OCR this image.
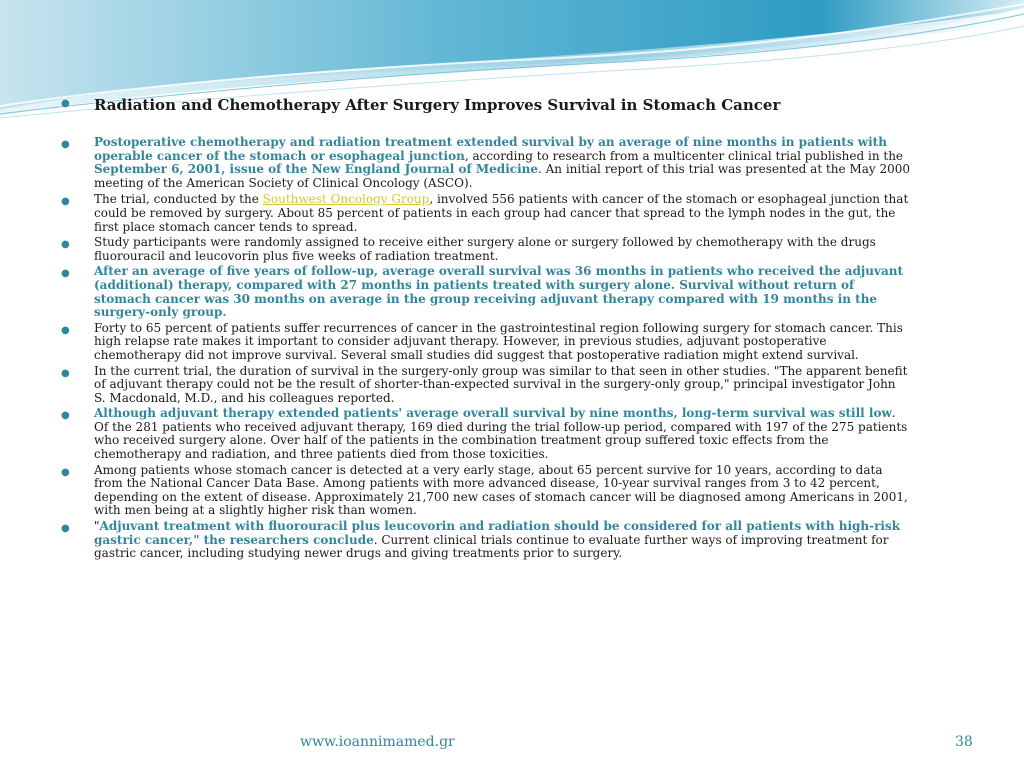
● Radiation and Chemotherapy After Surgery Improves Survival in Stomach Cancer
● Postoperative chemotherapy and radiation treatment extended survival by an average of nine months in patients with operable cancer of the stomach or esophageal junction, according to research from a multicenter clinical trial published in the September 6, 2001, issue of the New England Journal of Medicine. An initial report of this trial was presented at the May 2000 meeting of the American Society of Clinical Oncology (ASCO).
● The trial, conducted by the Southwest Oncology Group, involved 556 patients with cancer of the stomach or esophageal junction that could be removed by surgery. About 85 percent of patients in each group had cancer that spread to the lymph nodes in the gut, the first place stomach cancer tends to spread.
● Study participants were randomly assigned to receive either surgery alone or surgery followed by chemotherapy with the drugs fluorouracil and leucovorin plus five weeks of radiation treatment.
● After an average of five years of follow-up, average overall survival was 36 months in patients who received the adjuvant (additional) therapy, compared with 27 months in patients treated with surgery alone. Survival without return of stomach cancer was 30 months on average in the group receiving adjuvant therapy compared with 19 months in the surgery-only group.
● Forty to 65 percent of patients suffer recurrences of cancer in the gastrointestinal region following surgery for stomach cancer. This high relapse rate makes it important to consider adjuvant therapy. However, in previous studies, adjuvant postoperative chemotherapy did not improve survival. Several small studies did suggest that postoperative radiation might extend survival.
● In the current trial, the duration of survival in the surgery-only group was similar to that seen in other studies. "The apparent benefit of adjuvant therapy could not be the result of shorter-than-expected survival in the surgery-only group," principal investigator John S. Macdonald, M.D., and his colleagues reported.
● Although adjuvant therapy extended patients' average overall survival by nine months, long-term survival was still low. Of the 281 patients who received adjuvant therapy, 169 died during the trial follow-up period, compared with 197 of the 275 patients who received surgery alone. Over half of the patients in the combination treatment group suffered toxic effects from the chemotherapy and radiation, and three patients died from those toxicities.
● Among patients whose stomach cancer is detected at a very early stage, about 65 percent survive for 10 years, according to data from the National Cancer Data Base. Among patients with more advanced disease, 10-year survival ranges from 3 to 42 percent, depending on the extent of disease. Approximately 21,700 new cases of stomach cancer will be diagnosed among Americans in 2001, with men being at a slightly higher risk than women.
● "Adjuvant treatment with fluorouracil plus leucovorin and radiation should be considered for all patients with high-risk gastric cancer," the researchers conclude. Current clinical trials continue to evaluate further ways of improving treatment for gastric cancer, including studying newer drugs and giving treatments prior to surgery.
www.ioannimamed.gr	38
